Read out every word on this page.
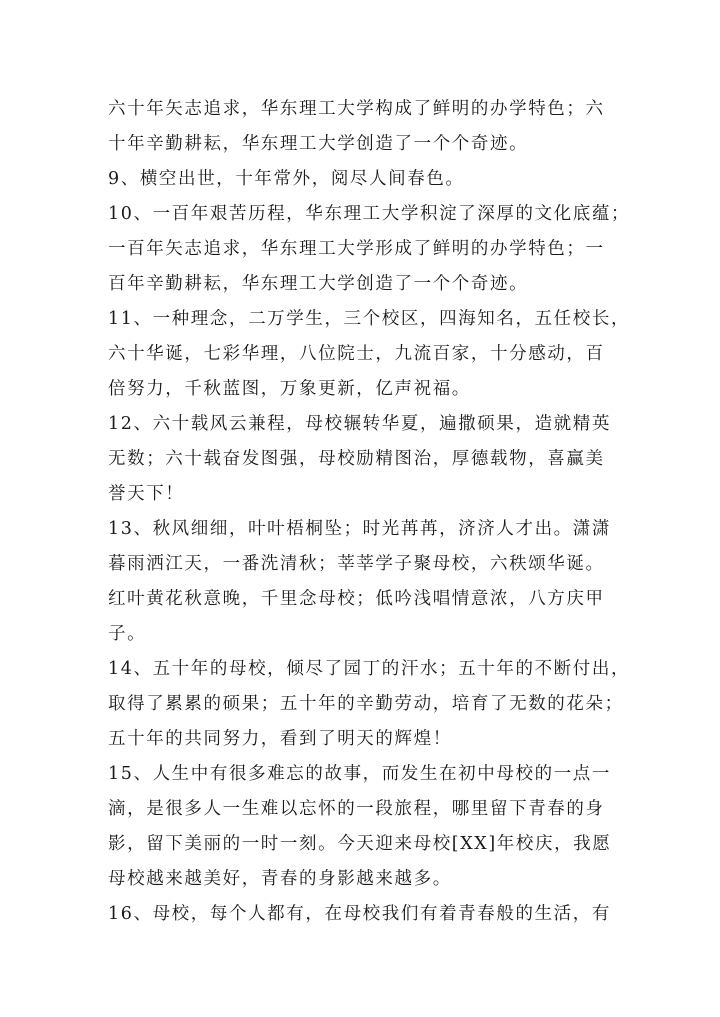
六十年矢志追求，华东理工大学构成了鲜明的办学特色；六
十年辛勤耕耘，华东理工大学创造了一个个奇迹。
9、横空出世，十年常外，阅尽人间春色。
10、一百年艰苦历程，华东理工大学积淀了深厚的文化底蕴；
一百年矢志追求，华东理工大学形成了鲜明的办学特色；一
百年辛勤耕耘，华东理工大学创造了一个个奇迹。
11、一种理念，二万学生，三个校区，四海知名，五任校长，
六十华诞，七彩华理，八位院士，九流百家，十分感动，百
倍努力，千秋蓝图，万象更新，亿声祝福。
12、六十载风云兼程，母校辗转华夏，遍撒硕果，造就精英
无数；六十载奋发图强，母校励精图治，厚德载物，喜赢美
誉天下！
13、秋风细细，叶叶梧桐坠；时光苒苒，济济人才出。潇潇
暮雨洒江天，一番洗清秋；莘莘学子聚母校，六秩颂华诞。
红叶黄花秋意晚，千里念母校；低吟浅唱情意浓，八方庆甲
子。
14、五十年的母校，倾尽了园丁的汗水；五十年的不断付出，
取得了累累的硕果；五十年的辛勤劳动，培育了无数的花朵；
五十年的共同努力，看到了明天的辉煌！
15、人生中有很多难忘的故事，而发生在初中母校的一点一
滴，是很多人一生难以忘怀的一段旅程，哪里留下青春的身
影，留下美丽的一时一刻。今天迎来母校[XX]年校庆，我愿
母校越来越美好，青春的身影越来越多。
16、母校，每个人都有，在母校我们有着青春般的生活，有
